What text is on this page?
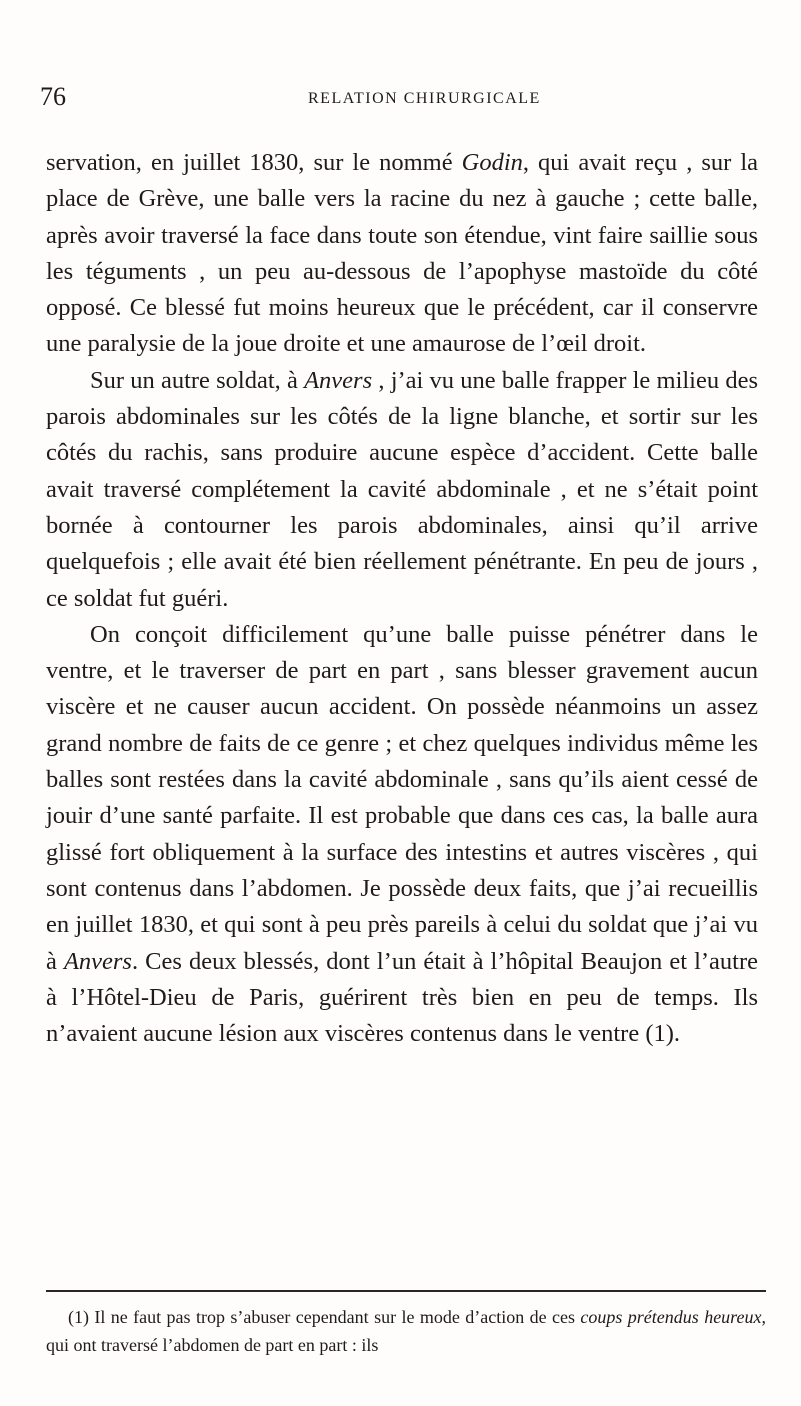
76	RELATION CHIRURGICALE

servation, en juillet 1830, sur le nommé Godin, qui avait reçu , sur la place de Grève, une balle vers la racine du nez à gauche ; cette balle, après avoir traversé la face dans toute son étendue, vint faire saillie sous les téguments , un peu au-dessous de l’apophyse mastoïde du côté opposé. Ce blessé fut moins heureux que le précédent, car il conservre une paralysie de la joue droite et une amaurose de l’œil droit.

Sur un autre soldat, à Anvers , j’ai vu une balle frapper le milieu des parois abdominales sur les côtés de la ligne blanche, et sortir sur les côtés du rachis, sans produire aucune espèce d’accident. Cette balle avait traversé complétement la cavité abdominale , et ne s’était point bornée à contourner les parois abdominales, ainsi qu’il arrive quelquefois ; elle avait été bien réellement pénétrante. En peu de jours , ce soldat fut guéri.

On conçoit difficilement qu’une balle puisse pénétrer dans le ventre, et le traverser de part en part , sans blesser gravement aucun viscère et ne causer aucun accident. On possède néanmoins un assez grand nombre de faits de ce genre ; et chez quelques individus même les balles sont restées dans la cavité abdominale , sans qu’ils aient cessé de jouir d’une santé parfaite. Il est probable que dans ces cas, la balle aura glissé fort obliquement à la surface des intestins et autres viscères , qui sont contenus dans l’abdomen. Je possède deux faits, que j’ai recueillis en juillet 1830, et qui sont à peu près pareils à celui du soldat que j’ai vu à Anvers. Ces deux blessés, dont l’un était à l’hôpital Beaujon et l’autre à l’Hôtel-Dieu de Paris, guérirent très bien en peu de temps. Ils n’avaient aucune lésion aux viscères contenus dans le ventre (1).

(1) Il ne faut pas trop s’abuser cependant sur le mode d’action de ces coups prétendus heureux, qui ont traversé l’abdomen de part en part : ils
